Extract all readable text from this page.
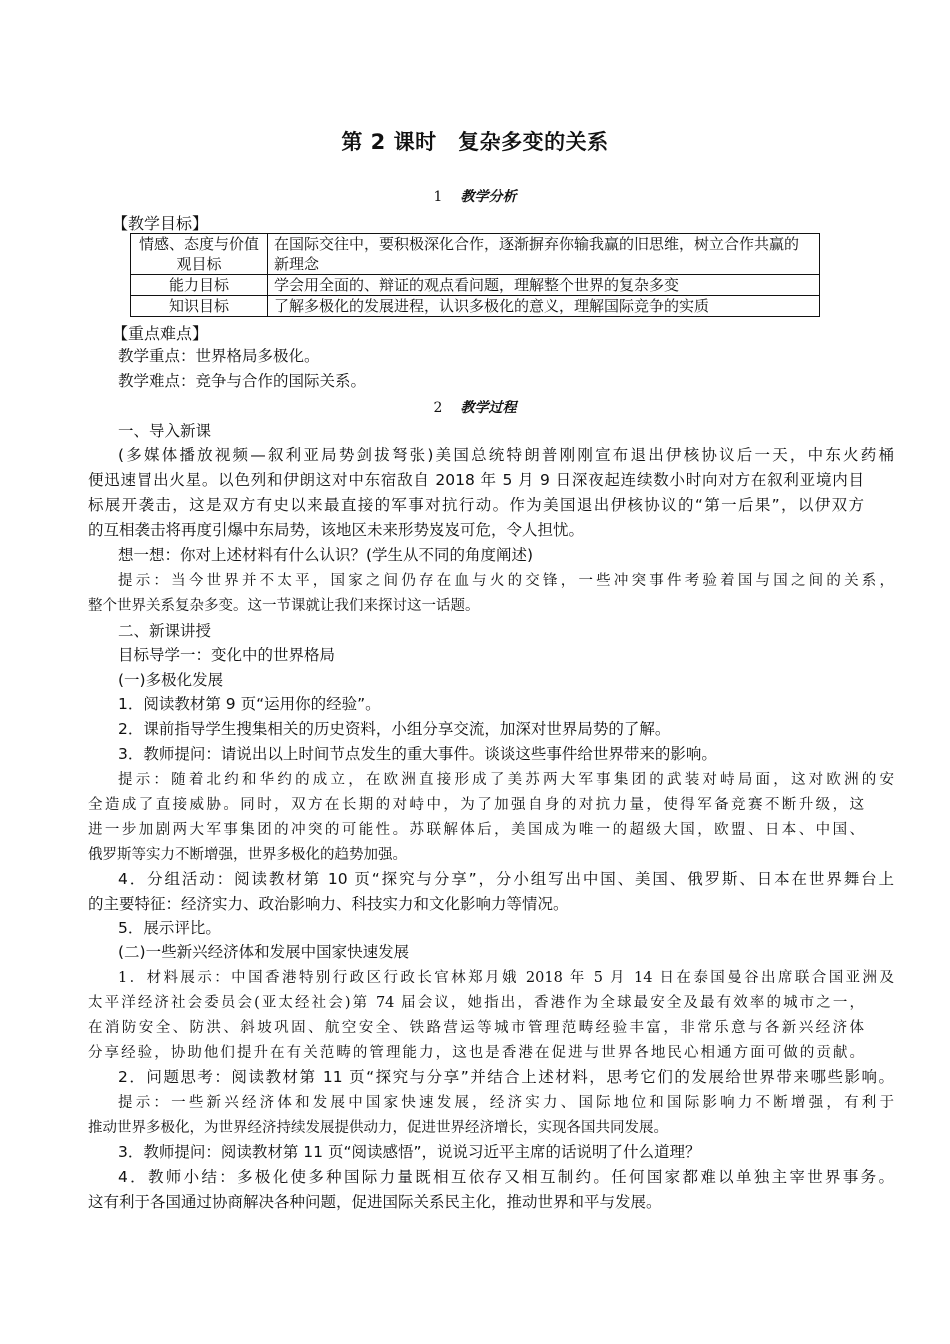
第 2 课时　复杂多变的关系
1 教学分析
【教学目标】
情感、态度与价值观目标	在国际交往中，要积极深化合作，逐渐摒弃你输我赢的旧思维，树立合作共赢的新理念
能力目标	学会用全面的、辩证的观点看问题，理解整个世界的复杂多变
知识目标	了解多极化的发展进程，认识多极化的意义，理解国际竞争的实质
【重点难点】
教学重点：世界格局多极化。
教学难点：竞争与合作的国际关系。
2 教学过程
一、导入新课
(多媒体播放视频—叙利亚局势剑拔弩张)美国总统特朗普刚刚宣布退出伊核协议后一天，中东火药桶
便迅速冒出火星。以色列和伊朗这对中东宿敌自 2018 年 5 月 9 日深夜起连续数小时向对方在叙利亚境内目
标展开袭击，这是双方有史以来最直接的军事对抗行动。作为美国退出伊核协议的“第一后果”，以伊双方
的互相袭击将再度引爆中东局势，该地区未来形势岌岌可危，令人担忧。
想一想：你对上述材料有什么认识？(学生从不同的角度阐述)
提示：当今世界并不太平，国家之间仍存在血与火的交锋，一些冲突事件考验着国与国之间的关系，
整个世界关系复杂多变。这一节课就让我们来探讨这一话题。
二、新课讲授
目标导学一：变化中的世界格局
(一)多极化发展
1．阅读教材第 9 页“运用你的经验”。
2．课前指导学生搜集相关的历史资料，小组分享交流，加深对世界局势的了解。
3．教师提问：请说出以上时间节点发生的重大事件。谈谈这些事件给世界带来的影响。
提示：随着北约和华约的成立，在欧洲直接形成了美苏两大军事集团的武装对峙局面，这对欧洲的安
全造成了直接威胁。同时，双方在长期的对峙中，为了加强自身的对抗力量，使得军备竞赛不断升级，这
进一步加剧两大军事集团的冲突的可能性。苏联解体后，美国成为唯一的超级大国，欧盟、日本、中国、
俄罗斯等实力不断增强，世界多极化的趋势加强。
4．分组活动：阅读教材第 10 页“探究与分享”，分小组写出中国、美国、俄罗斯、日本在世界舞台上
的主要特征：经济实力、政治影响力、科技实力和文化影响力等情况。
5．展示评比。
(二)一些新兴经济体和发展中国家快速发展
1．材料展示：中国香港特别行政区行政长官林郑月娥 2018 年 5 月 14 日在泰国曼谷出席联合国亚洲及
太平洋经济社会委员会(亚太经社会)第 74 届会议，她指出，香港作为全球最安全及最有效率的城市之一，
在消防安全、防洪、斜坡巩固、航空安全、铁路营运等城市管理范畴经验丰富，非常乐意与各新兴经济体
分享经验，协助他们提升在有关范畴的管理能力，这也是香港在促进与世界各地民心相通方面可做的贡献。
2．问题思考：阅读教材第 11 页“探究与分享”并结合上述材料，思考它们的发展给世界带来哪些影响。
提示：一些新兴经济体和发展中国家快速发展，经济实力、国际地位和国际影响力不断增强，有利于
推动世界多极化，为世界经济持续发展提供动力，促进世界经济增长，实现各国共同发展。
3．教师提问：阅读教材第 11 页“阅读感悟”，说说习近平主席的话说明了什么道理？
4．教师小结：多极化使多种国际力量既相互依存又相互制约。任何国家都难以单独主宰世界事务。
这有利于各国通过协商解决各种问题，促进国际关系民主化，推动世界和平与发展。
